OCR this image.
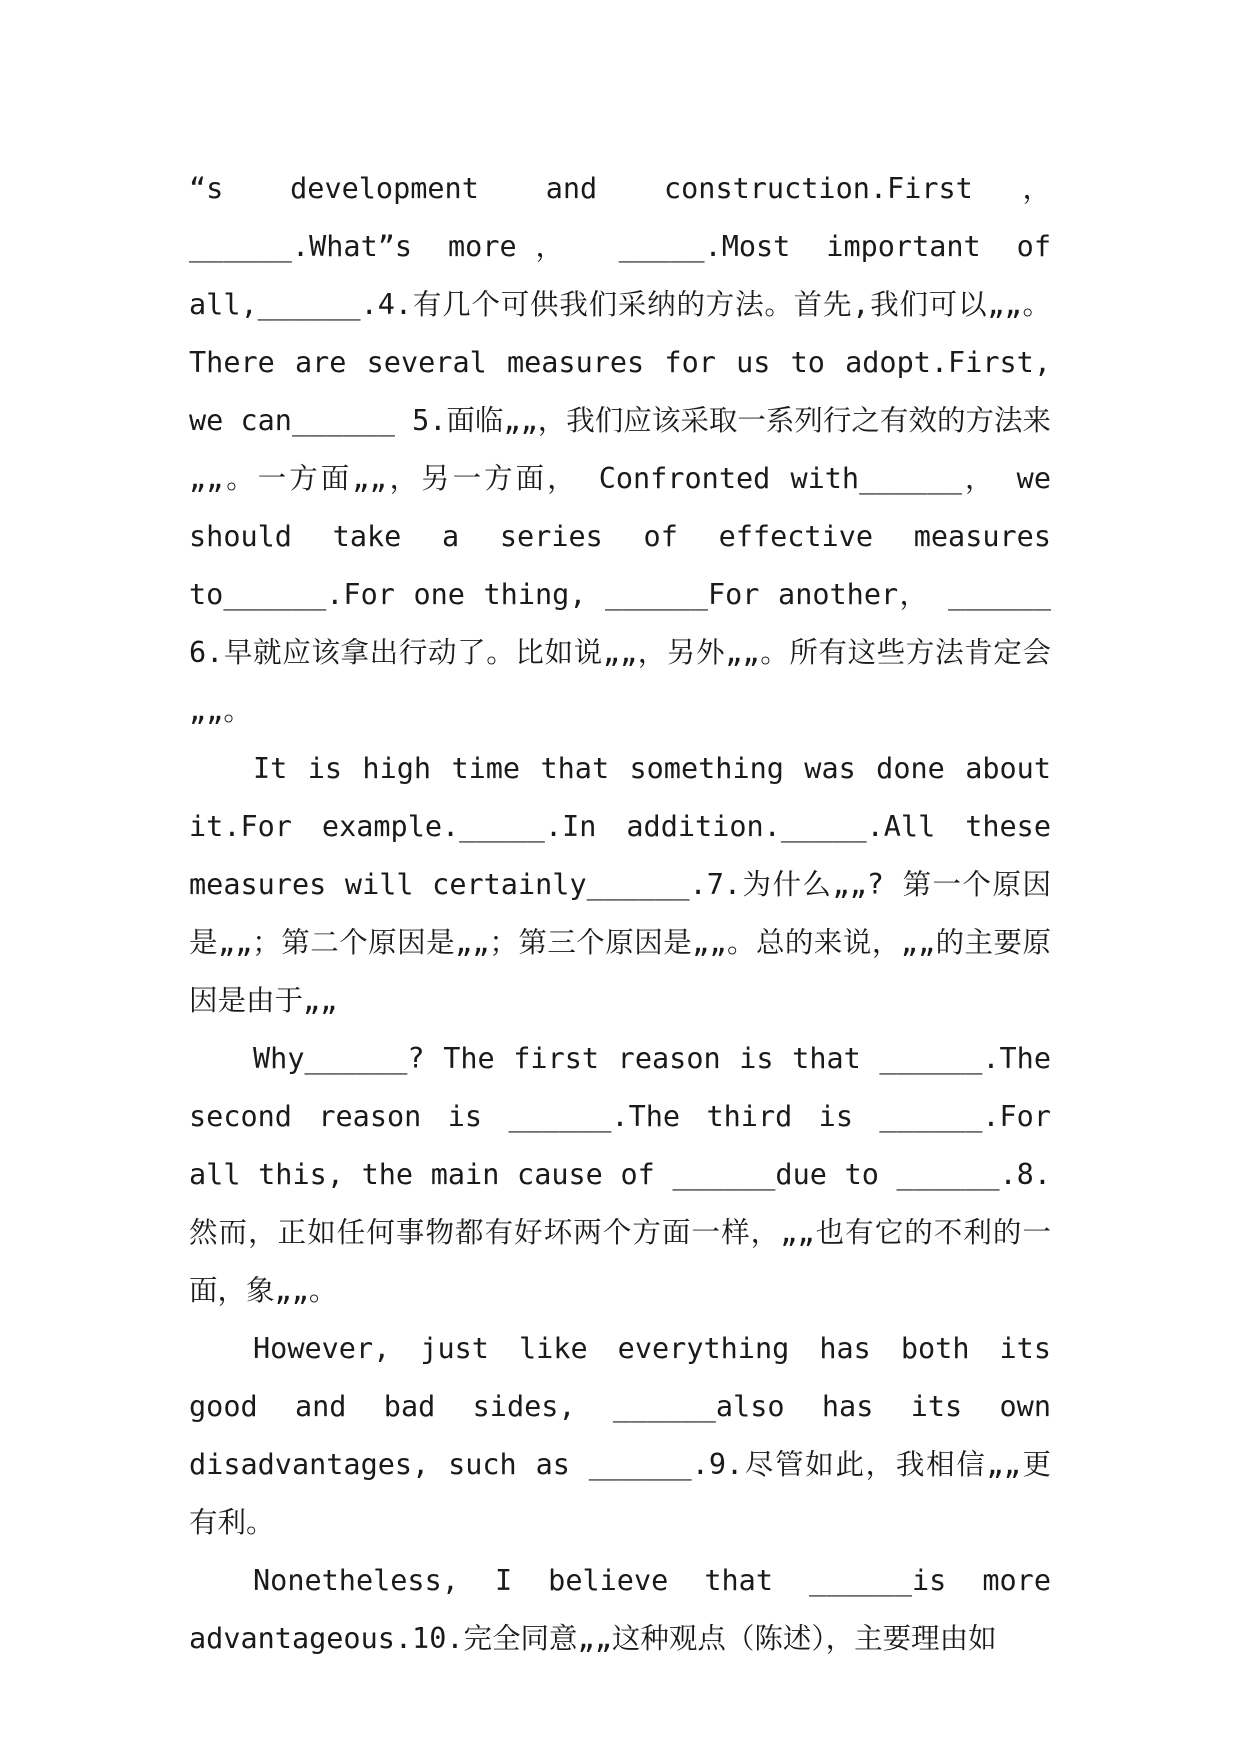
“s development and construction.First， ______.What”s more， _____.Most important of all,______.4.有几个可供我们采纳的方法。首先,我们可以„„。There are several measures for us to adopt.First, we can______ 5.面临„„，我们应该采取一系列行之有效的方法来„„。一方面„„，另一方面， Confronted with______， we should take a series of effective measures to______.For one thing, ______For another， ______ 6.早就应该拿出行动了。比如说„„，另外„„。所有这些方法肯定会„„。

It is high time that something was done about it.For example._____.In addition._____.All these measures will certainly______.7.为什么„„? 第一个原因是„„；第二个原因是„„；第三个原因是„„。总的来说，„„的主要原因是由于„„

Why______? The first reason is that ______.The second reason is ______.The third is ______.For all this, the main cause of ______due to ______.8.然而，正如任何事物都有好坏两个方面一样，„„也有它的不利的一面，象„„。

However, just like everything has both its good and bad sides, ______also has its own disadvantages, such as ______.9.尽管如此，我相信„„更有利。

Nonetheless, I believe that ______is more advantageous.10.完全同意„„这种观点（陈述），主要理由如
